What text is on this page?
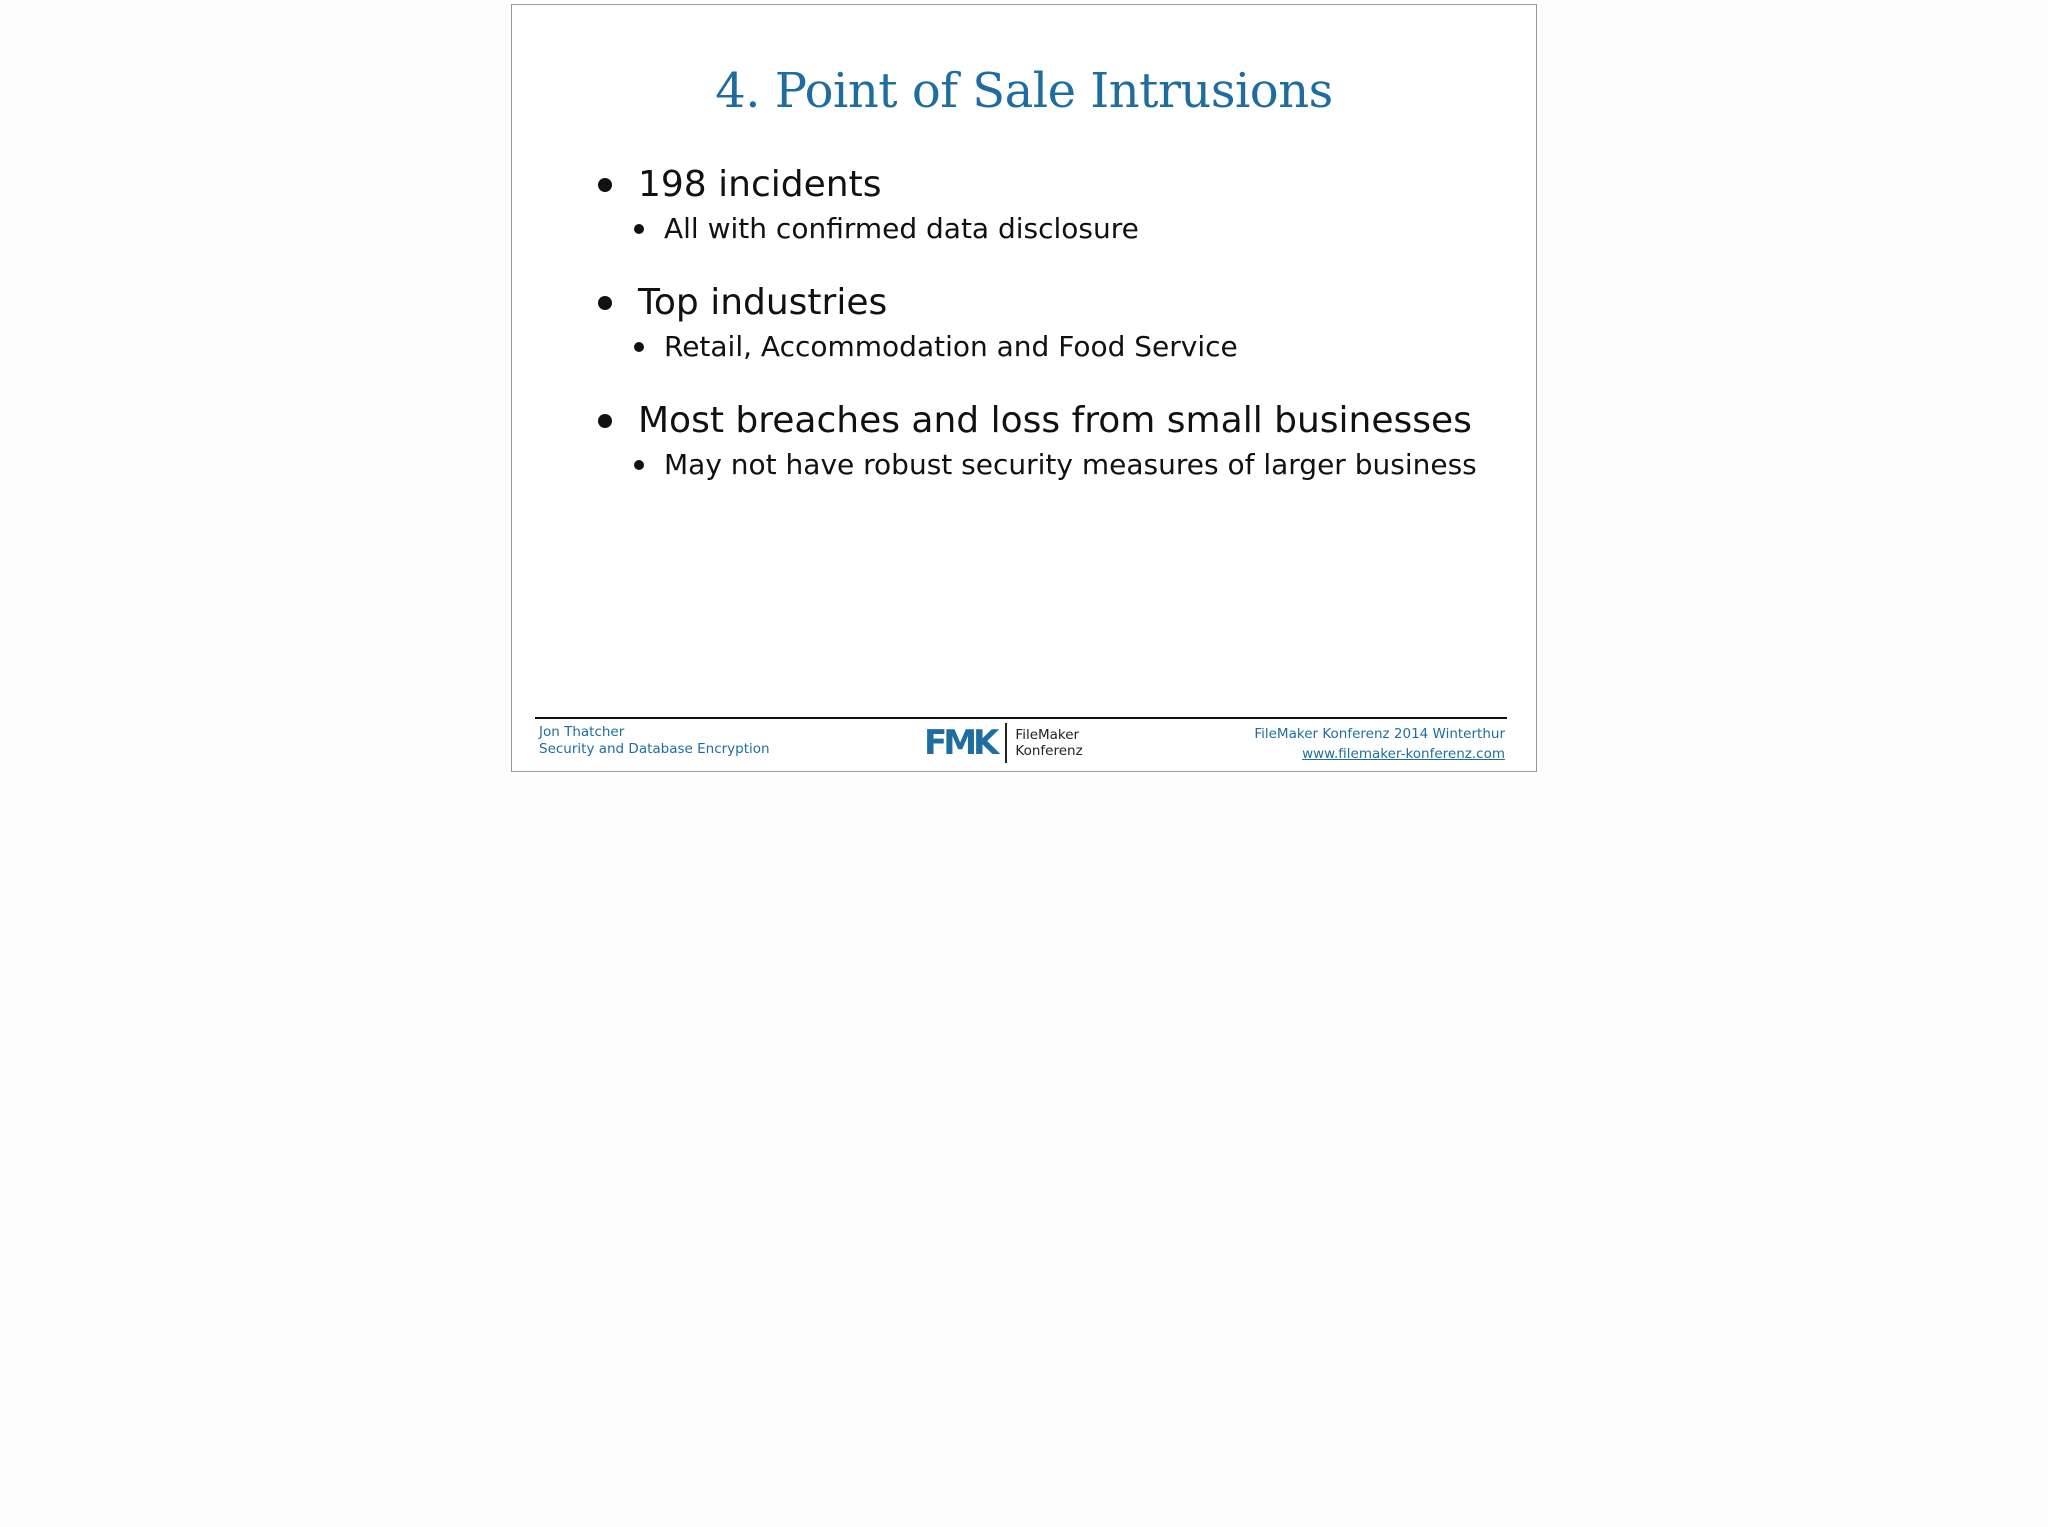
4. Point of Sale Intrusions
198 incidents
All with confirmed data disclosure
Top industries
Retail, Accommodation and Food Service
Most breaches and loss from small businesses
May not have robust security measures of larger business
Jon Thatcher
Security and Database Encryption	FMK FileMaker
Konferenz
FileMaker Konferenz 2014 Winterthur
www.filemaker-konferenz.com
